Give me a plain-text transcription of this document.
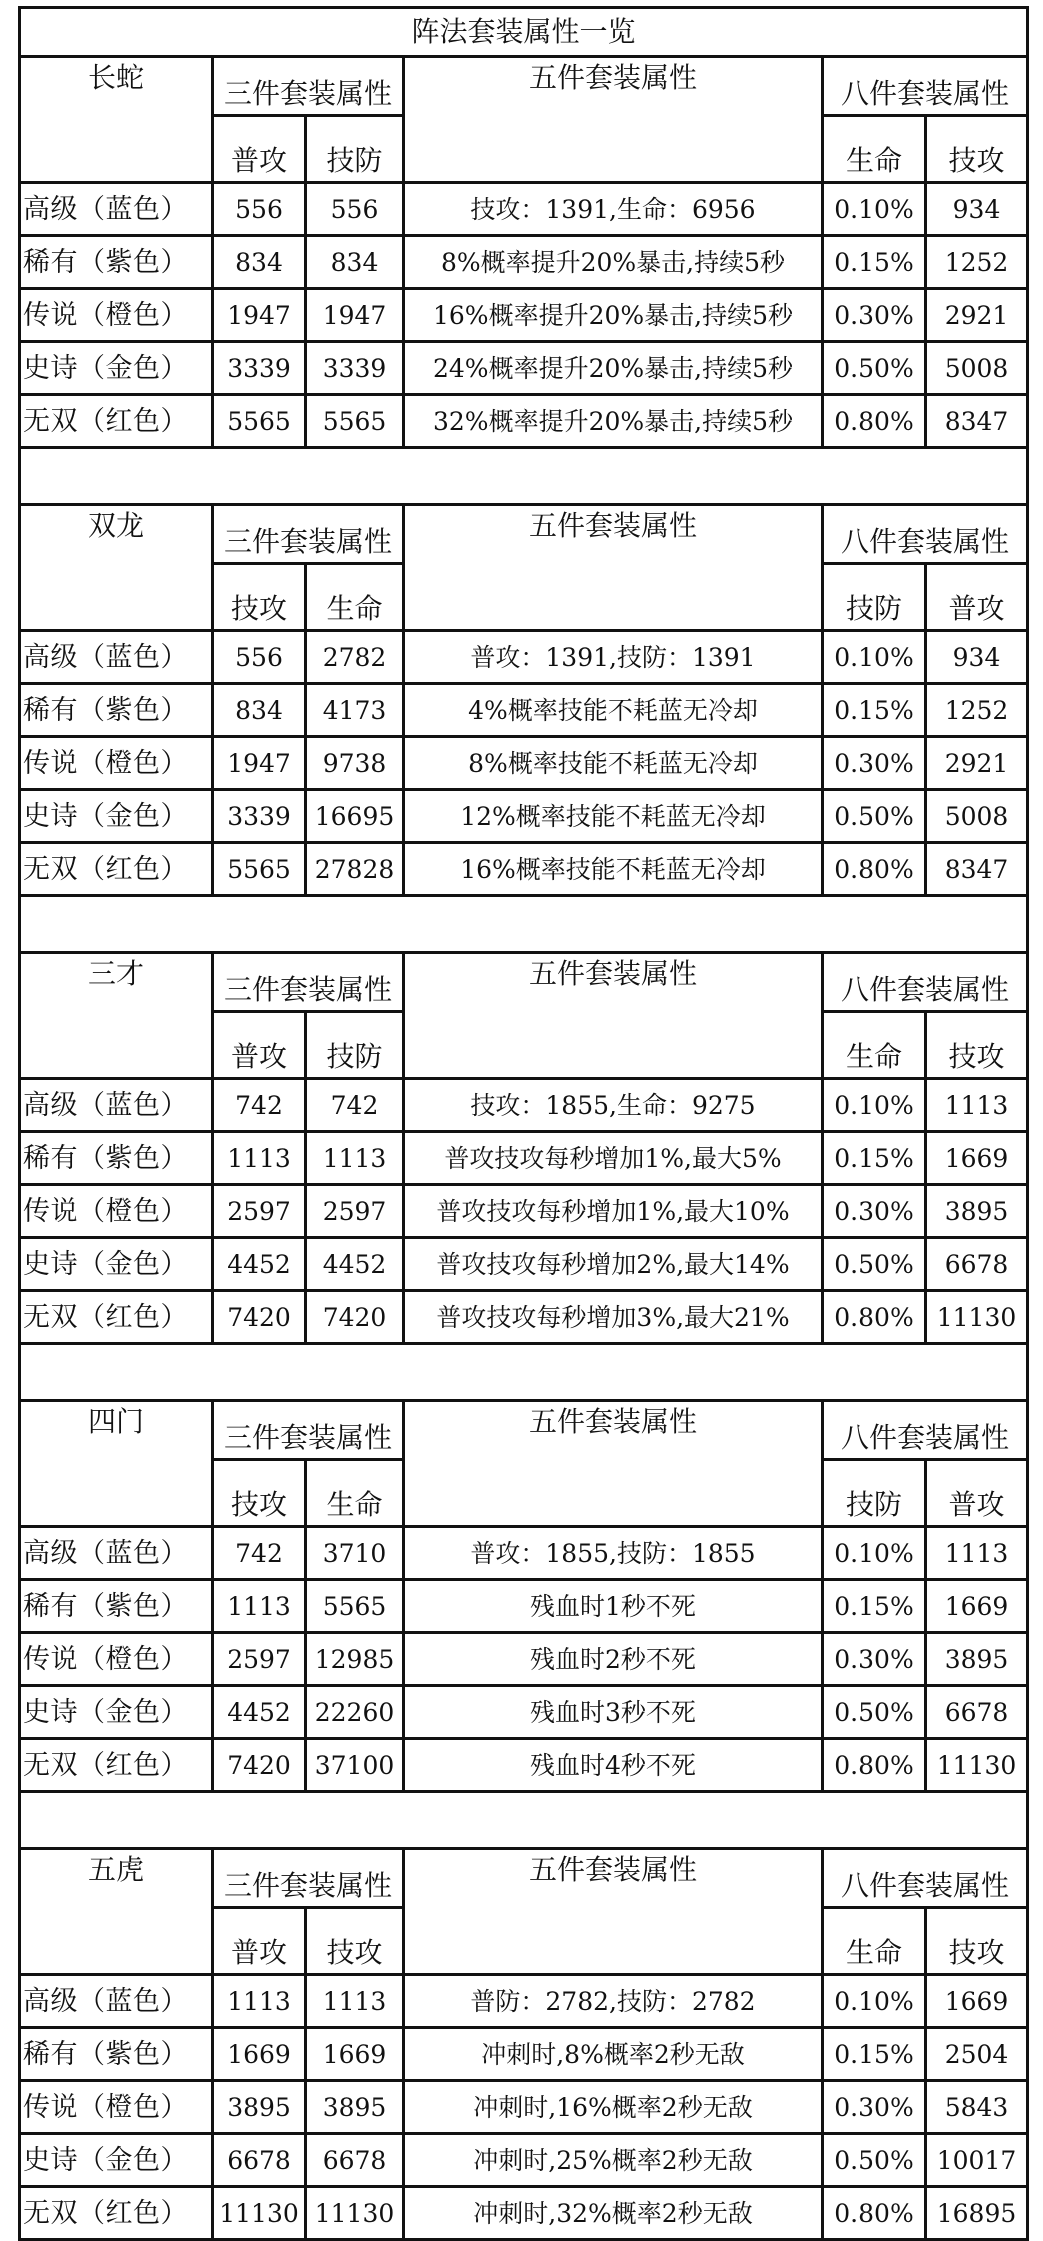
阵法套装属性一览					
长蛇	三件套装属性		五件套装属性	八件套装属性	
	普攻	技防		生命	技攻
高级（蓝色）	556	556	技攻：1391,生命：6956	0.10%	934
稀有（紫色）	834	834	8%概率提升20%暴击,持续5秒	0.15%	1252
传说（橙色）	1947	1947	16%概率提升20%暴击,持续5秒	0.30%	2921
史诗（金色）	3339	3339	24%概率提升20%暴击,持续5秒	0.50%	5008
无双（红色）	5565	5565	32%概率提升20%暴击,持续5秒	0.80%	8347

双龙	三件套装属性		五件套装属性	八件套装属性	
	技攻	生命		技防	普攻
高级（蓝色）	556	2782	普攻：1391,技防：1391	0.10%	934
稀有（紫色）	834	4173	4%概率技能不耗蓝无冷却	0.15%	1252
传说（橙色）	1947	9738	8%概率技能不耗蓝无冷却	0.30%	2921
史诗（金色）	3339	16695	12%概率技能不耗蓝无冷却	0.50%	5008
无双（红色）	5565	27828	16%概率技能不耗蓝无冷却	0.80%	8347

三才	三件套装属性		五件套装属性	八件套装属性	
	普攻	技防		生命	技攻
高级（蓝色）	742	742	技攻：1855,生命：9275	0.10%	1113
稀有（紫色）	1113	1113	普攻技攻每秒增加1%,最大5%	0.15%	1669
传说（橙色）	2597	2597	普攻技攻每秒增加1%,最大10%	0.30%	3895
史诗（金色）	4452	4452	普攻技攻每秒增加2%,最大14%	0.50%	6678
无双（红色）	7420	7420	普攻技攻每秒增加3%,最大21%	0.80%	11130

四门	三件套装属性		五件套装属性	八件套装属性	
	技攻	生命		技防	普攻
高级（蓝色）	742	3710	普攻：1855,技防：1855	0.10%	1113
稀有（紫色）	1113	5565	残血时1秒不死	0.15%	1669
传说（橙色）	2597	12985	残血时2秒不死	0.30%	3895
史诗（金色）	4452	22260	残血时3秒不死	0.50%	6678
无双（红色）	7420	37100	残血时4秒不死	0.80%	11130

五虎	三件套装属性		五件套装属性	八件套装属性	
	普攻	技攻		生命	技攻
高级（蓝色）	1113	1113	普防：2782,技防：2782	0.10%	1669
稀有（紫色）	1669	1669	冲刺时,8%概率2秒无敌	0.15%	2504
传说（橙色）	3895	3895	冲刺时,16%概率2秒无敌	0.30%	5843
史诗（金色）	6678	6678	冲刺时,25%概率2秒无敌	0.50%	10017
无双（红色）	11130	11130	冲刺时,32%概率2秒无敌	0.80%	16895
